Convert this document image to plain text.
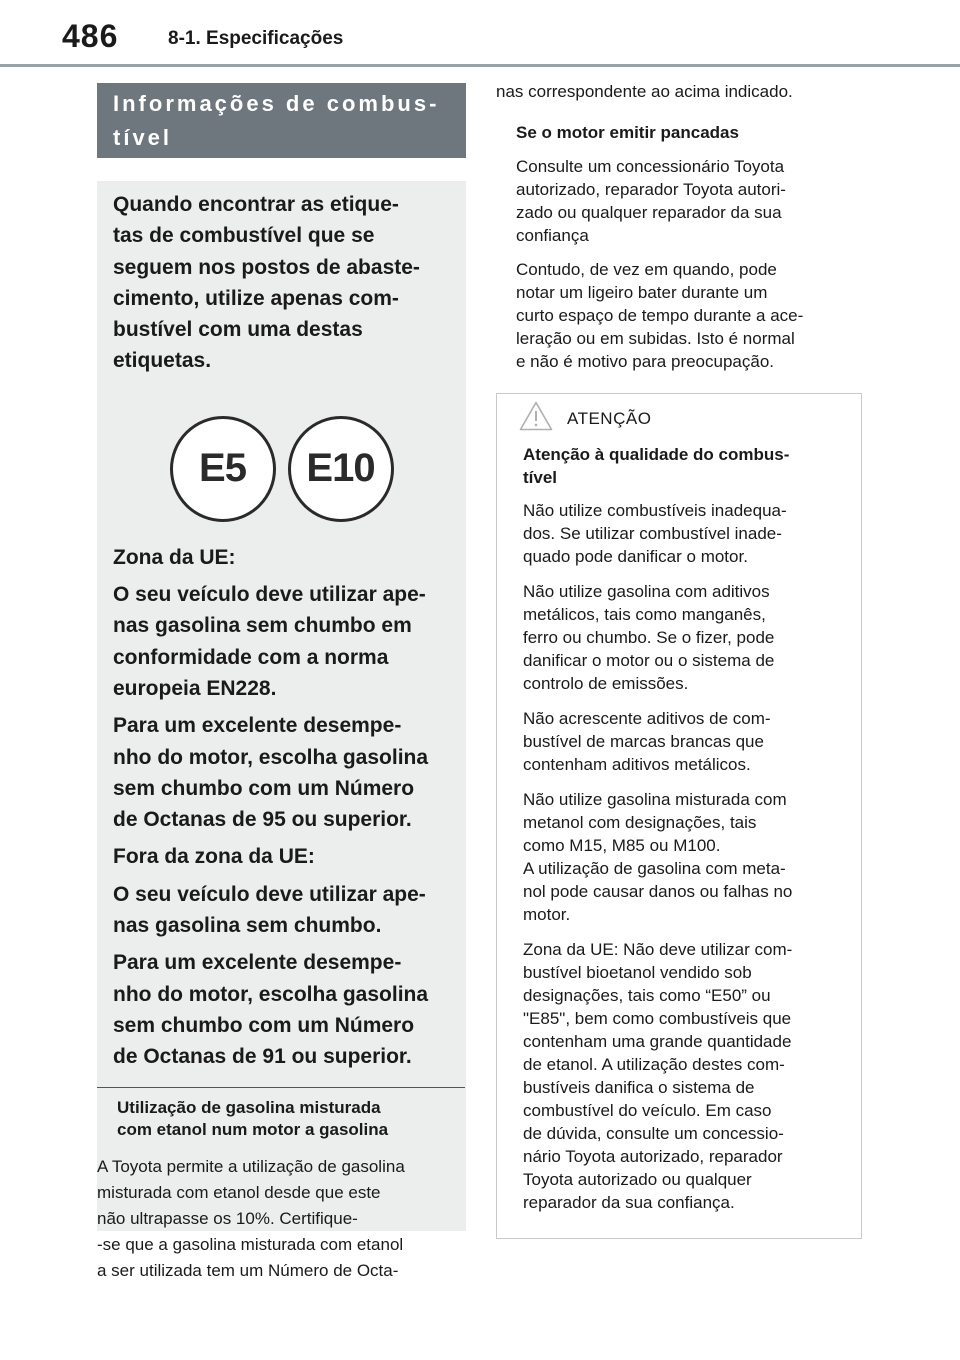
486	8-1. Especificações
Informações de combus-
tível

Quando encontrar as etique-
tas de combustível que se
seguem nos postos de abaste-
cimento, utilize apenas com-
bustível com uma destas
etiquetas.

E5	E10

Zona da UE:

O seu veículo deve utilizar ape-
nas gasolina sem chumbo em
conformidade com a norma
europeia EN228.

Para um excelente desempe-
nho do motor, escolha gasolina
sem chumbo com um Número
de Octanas de 95 ou superior.

Fora da zona da UE:

O seu veículo deve utilizar ape-
nas gasolina sem chumbo.

Para um excelente desempe-
nho do motor, escolha gasolina
sem chumbo com um Número
de Octanas de 91 ou superior.

Utilização de gasolina misturada
com etanol num motor a gasolina

A Toyota permite a utilização de gasolina
misturada com etanol desde que este
não ultrapasse os 10%. Certifique-
-se que a gasolina misturada com etanol
a ser utilizada tem um Número de Octa-

nas correspondente ao acima indicado.

Se o motor emitir pancadas

Consulte um concessionário Toyota
autorizado, reparador Toyota autori-
zado ou qualquer reparador da sua
confiança

Contudo, de vez em quando, pode
notar um ligeiro bater durante um
curto espaço de tempo durante a ace-
leração ou em subidas. Isto é normal
e não é motivo para preocupação.

ATENÇÃO

Atenção à qualidade do combus-
tível

Não utilize combustíveis inadequa-
dos. Se utilizar combustível inade-
quado pode danificar o motor.

Não utilize gasolina com aditivos
metálicos, tais como manganês,
ferro ou chumbo. Se o fizer, pode
danificar o motor ou o sistema de
controlo de emissões.

Não acrescente aditivos de com-
bustível de marcas brancas que
contenham aditivos metálicos.

Não utilize gasolina misturada com
metanol com designações, tais
como M15, M85 ou M100.
A utilização de gasolina com meta-
nol pode causar danos ou falhas no
motor.

Zona da UE: Não deve utilizar com-
bustível bioetanol vendido sob
designações, tais como “E50” ou
"E85", bem como combustíveis que
contenham uma grande quantidade
de etanol. A utilização destes com-
bustíveis danifica o sistema de
combustível do veículo. Em caso
de dúvida, consulte um concessio-
nário Toyota autorizado, reparador
Toyota autorizado ou qualquer
reparador da sua confiança.
